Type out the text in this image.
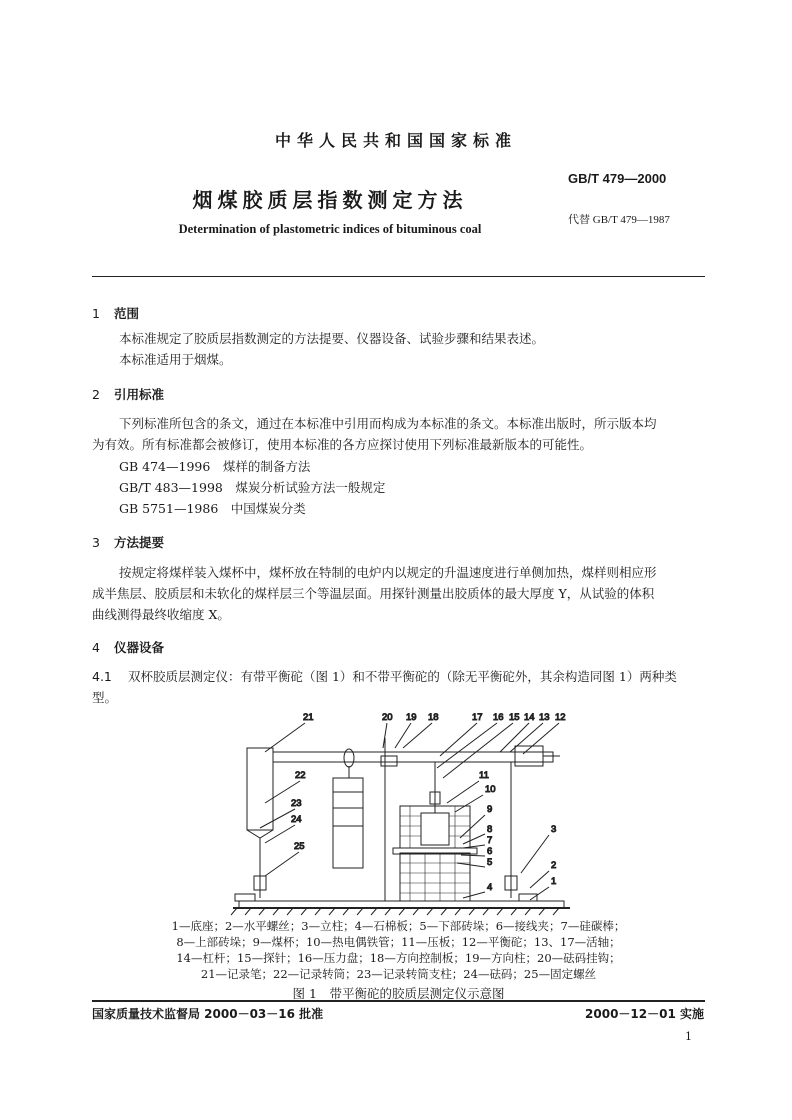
中华人民共和国国家标准
烟煤胶质层指数测定方法
Determination of plastometric indices of bituminous coal
GB/T 479—2000
代替 GB/T 479—1987
1 范围
本标准规定了胶质层指数测定的方法提要、仪器设备、试验步骤和结果表述。
本标准适用于烟煤。
2 引用标准
下列标准所包含的条文，通过在本标准中引用而构成为本标准的条文。本标准出版时，所示版本均
为有效。所有标准都会被修订，使用本标准的各方应探讨使用下列标准最新版本的可能性。
GB 474—1996　煤样的制备方法
GB/T 483—1998　煤炭分析试验方法一般规定
GB 5751—1986　中国煤炭分类
3 方法提要
按规定将煤样装入煤杯中，煤杯放在特制的电炉内以规定的升温速度进行单侧加热，煤样则相应形
成半焦层、胶质层和未软化的煤样层三个等温层面。用探针测量出胶质体的最大厚度 Y，从试验的体积
曲线测得最终收缩度 X。
4 仪器设备
4.1 双杯胶质层测定仪：有带平衡砣（图 1）和不带平衡砣的（除无平衡砣外，其余构造同图 1）两种类
型。
21	20 19 18	17 16 15 14 13 12
22
23
24
25
11
10
9
8
7
6
5
4
3
2
1
1—底座；2—水平螺丝；3—立柱；4—石棉板；5—下部砖垛；6—接线夹；7—硅碳棒；
8—上部砖垛；9—煤杯；10—热电偶铁管；11—压板；12—平衡砣；13、17—活轴；
14—杠杆；15—探针；16—压力盘；18—方向控制板；19—方向柱；20—砝码挂钩；
21—记录笔；22—记录转筒；23—记录转筒支柱；24—砝码；25—固定螺丝
图 1　带平衡砣的胶质层测定仪示意图
国家质量技术监督局 2000－03－16 批准	2000－12－01 实施
1
